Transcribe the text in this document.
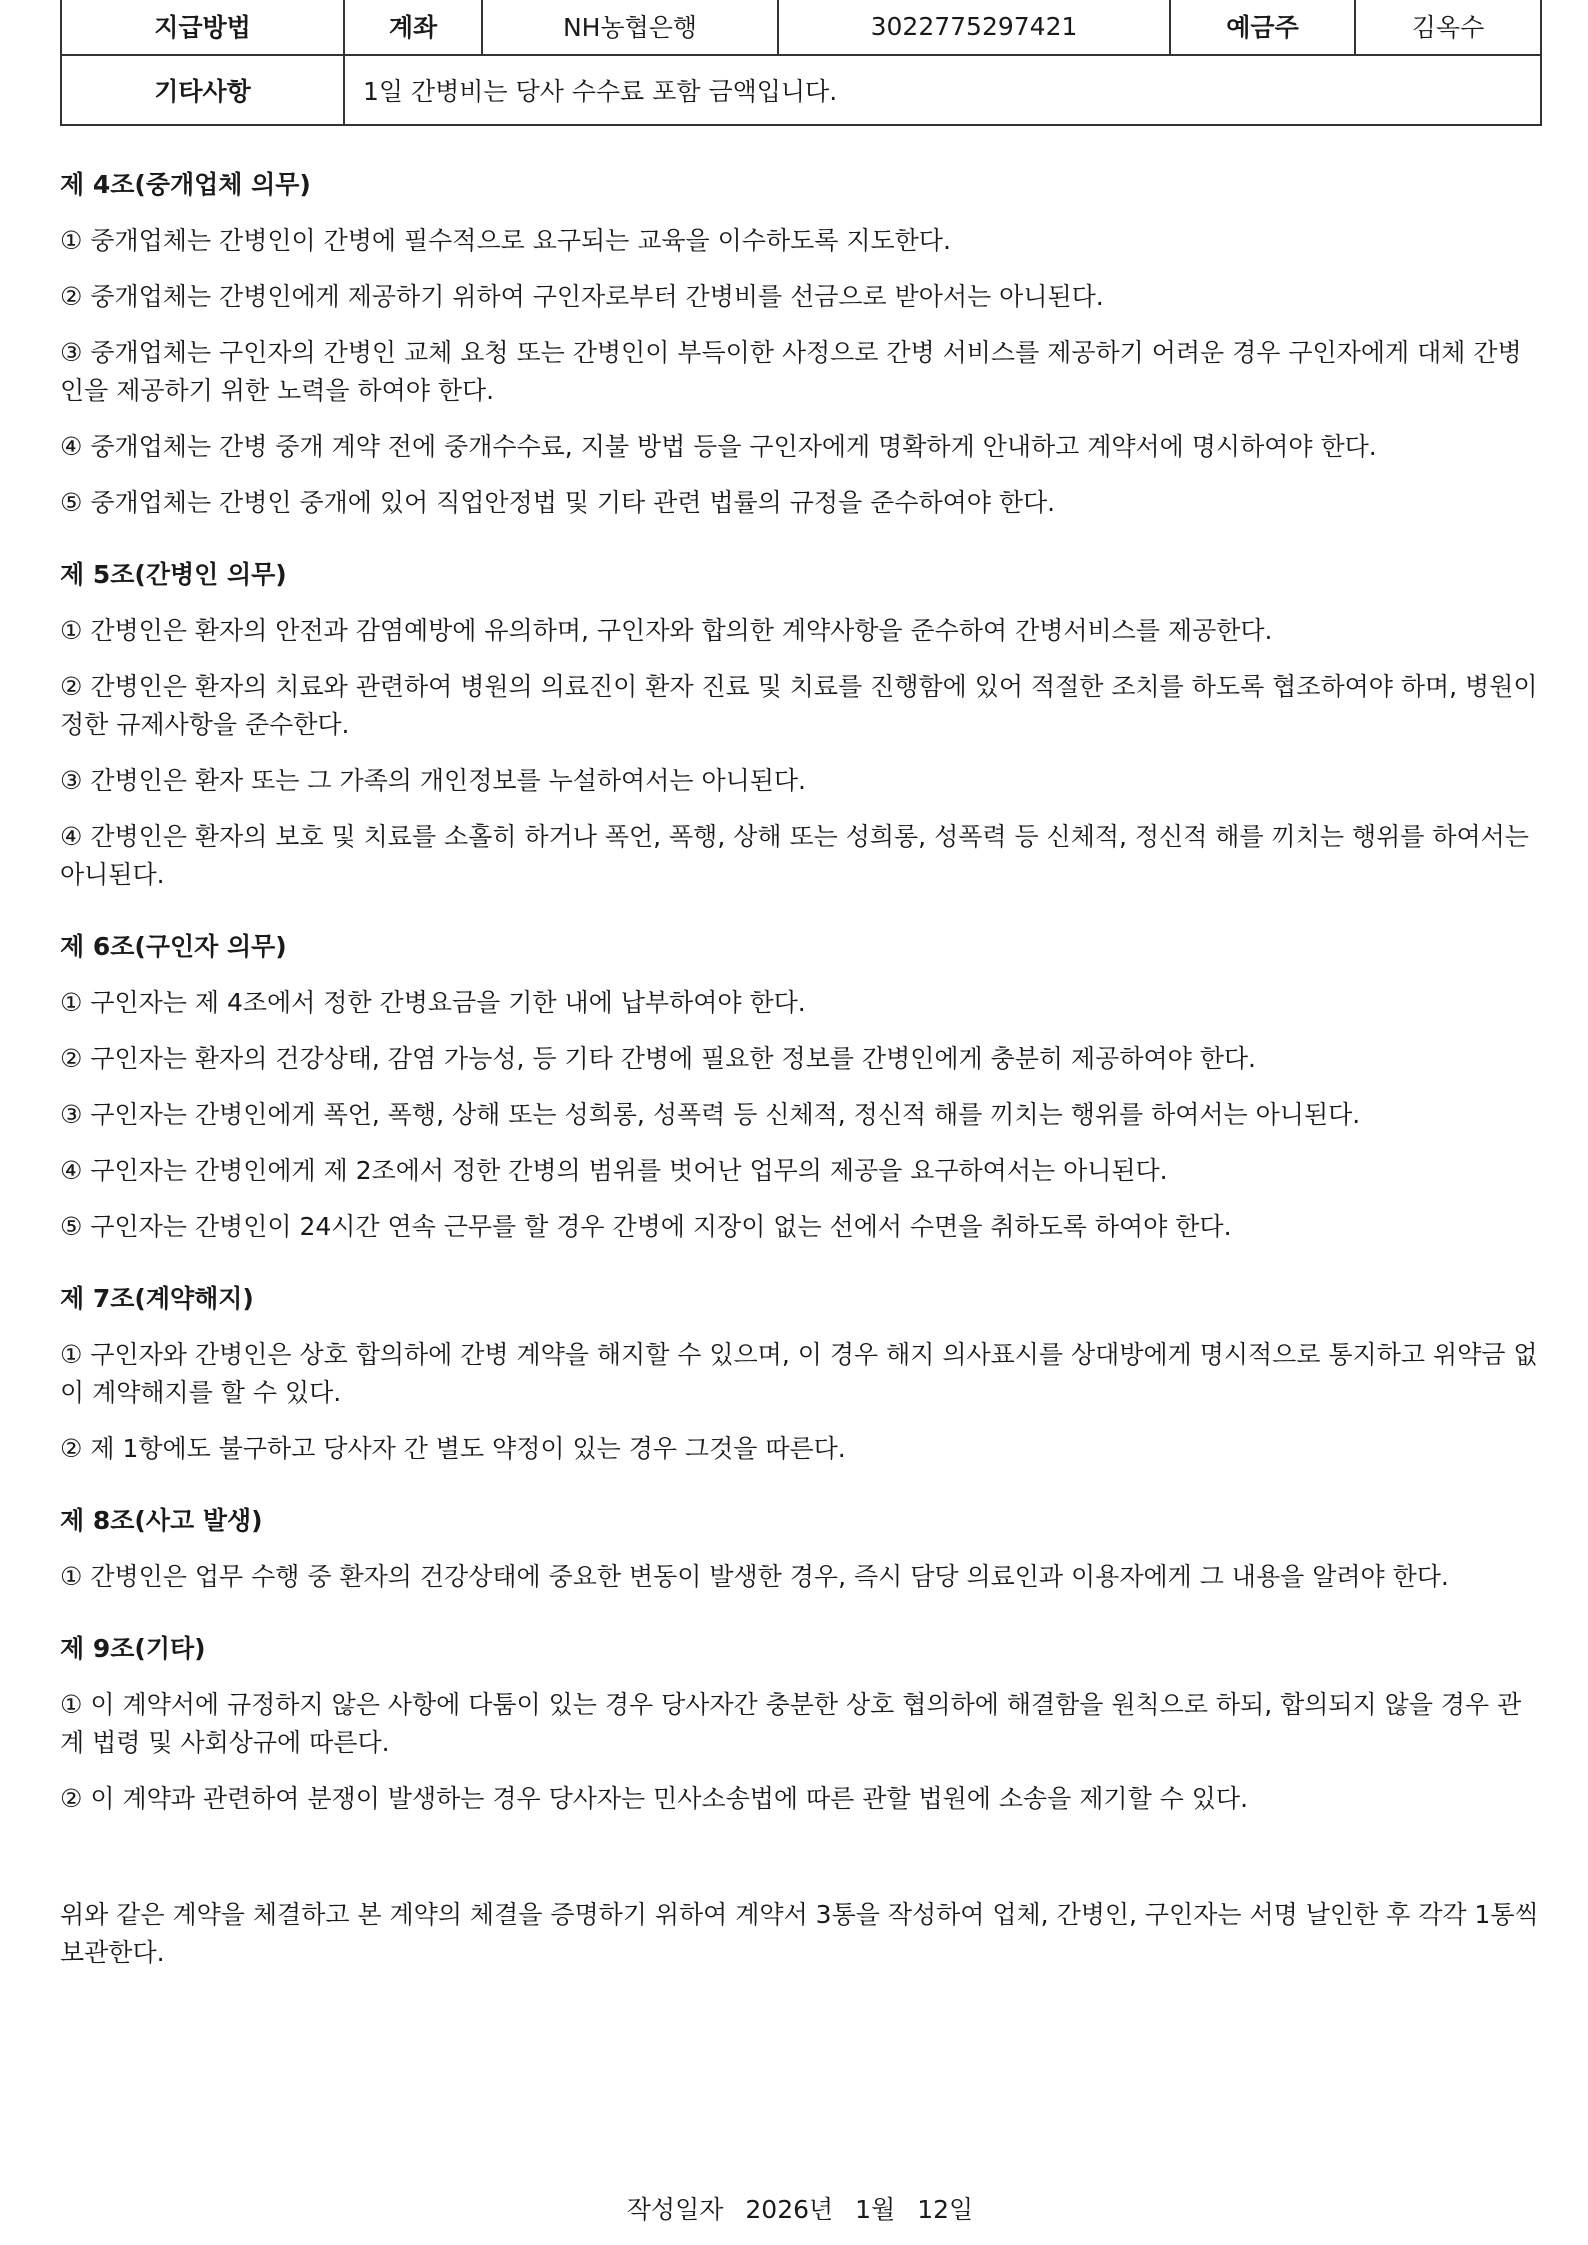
지급방법	계좌	NH농협은행	3022775297421	예금주	김옥수
기타사항	1일 간병비는 당사 수수료 포함 금액입니다.				
제 4조(중개업체 의무)
① 중개업체는 간병인이 간병에 필수적으로 요구되는 교육을 이수하도록 지도한다.
② 중개업체는 간병인에게 제공하기 위하여 구인자로부터 간병비를 선금으로 받아서는 아니된다.
③ 중개업체는 구인자의 간병인 교체 요청 또는 간병인이 부득이한 사정으로 간병 서비스를 제공하기 어려운 경우 구인자에게 대체 간병인을 제공하기 위한 노력을 하여야 한다.
④ 중개업체는 간병 중개 계약 전에 중개수수료, 지불 방법 등을 구인자에게 명확하게 안내하고 계약서에 명시하여야 한다.
⑤ 중개업체는 간병인 중개에 있어 직업안정법 및 기타 관련 법률의 규정을 준수하여야 한다.
제 5조(간병인 의무)
① 간병인은 환자의 안전과 감염예방에 유의하며, 구인자와 합의한 계약사항을 준수하여 간병서비스를 제공한다.
② 간병인은 환자의 치료와 관련하여 병원의 의료진이 환자 진료 및 치료를 진행함에 있어 적절한 조치를 하도록 협조하여야 하며, 병원이 정한 규제사항을 준수한다.
③ 간병인은 환자 또는 그 가족의 개인정보를 누설하여서는 아니된다.
④ 간병인은 환자의 보호 및 치료를 소홀히 하거나 폭언, 폭행, 상해 또는 성희롱, 성폭력 등 신체적, 정신적 해를 끼치는 행위를 하여서는 아니된다.
제 6조(구인자 의무)
① 구인자는 제 4조에서 정한 간병요금을 기한 내에 납부하여야 한다.
② 구인자는 환자의 건강상태, 감염 가능성, 등 기타 간병에 필요한 정보를 간병인에게 충분히 제공하여야 한다.
③ 구인자는 간병인에게 폭언, 폭행, 상해 또는 성희롱, 성폭력 등 신체적, 정신적 해를 끼치는 행위를 하여서는 아니된다.
④ 구인자는 간병인에게 제 2조에서 정한 간병의 범위를 벗어난 업무의 제공을 요구하여서는 아니된다.
⑤ 구인자는 간병인이 24시간 연속 근무를 할 경우 간병에 지장이 없는 선에서 수면을 취하도록 하여야 한다.
제 7조(계약해지)
① 구인자와 간병인은 상호 합의하에 간병 계약을 해지할 수 있으며, 이 경우 해지 의사표시를 상대방에게 명시적으로 통지하고 위약금 없이 계약해지를 할 수 있다.
② 제 1항에도 불구하고 당사자 간 별도 약정이 있는 경우 그것을 따른다.
제 8조(사고 발생)
① 간병인은 업무 수행 중 환자의 건강상태에 중요한 변동이 발생한 경우, 즉시 담당 의료인과 이용자에게 그 내용을 알려야 한다.
제 9조(기타)
① 이 계약서에 규정하지 않은 사항에 다툼이 있는 경우 당사자간 충분한 상호 협의하에 해결함을 원칙으로 하되, 합의되지 않을 경우 관계 법령 및 사회상규에 따른다.
② 이 계약과 관련하여 분쟁이 발생하는 경우 당사자는 민사소송법에 따른 관할 법원에 소송을 제기할 수 있다.
위와 같은 계약을 체결하고 본 계약의 체결을 증명하기 위하여 계약서 3통을 작성하여 업체, 간병인, 구인자는 서명 날인한 후 각각 1통씩 보관한다.
작성일자 2026년 1월 12일
